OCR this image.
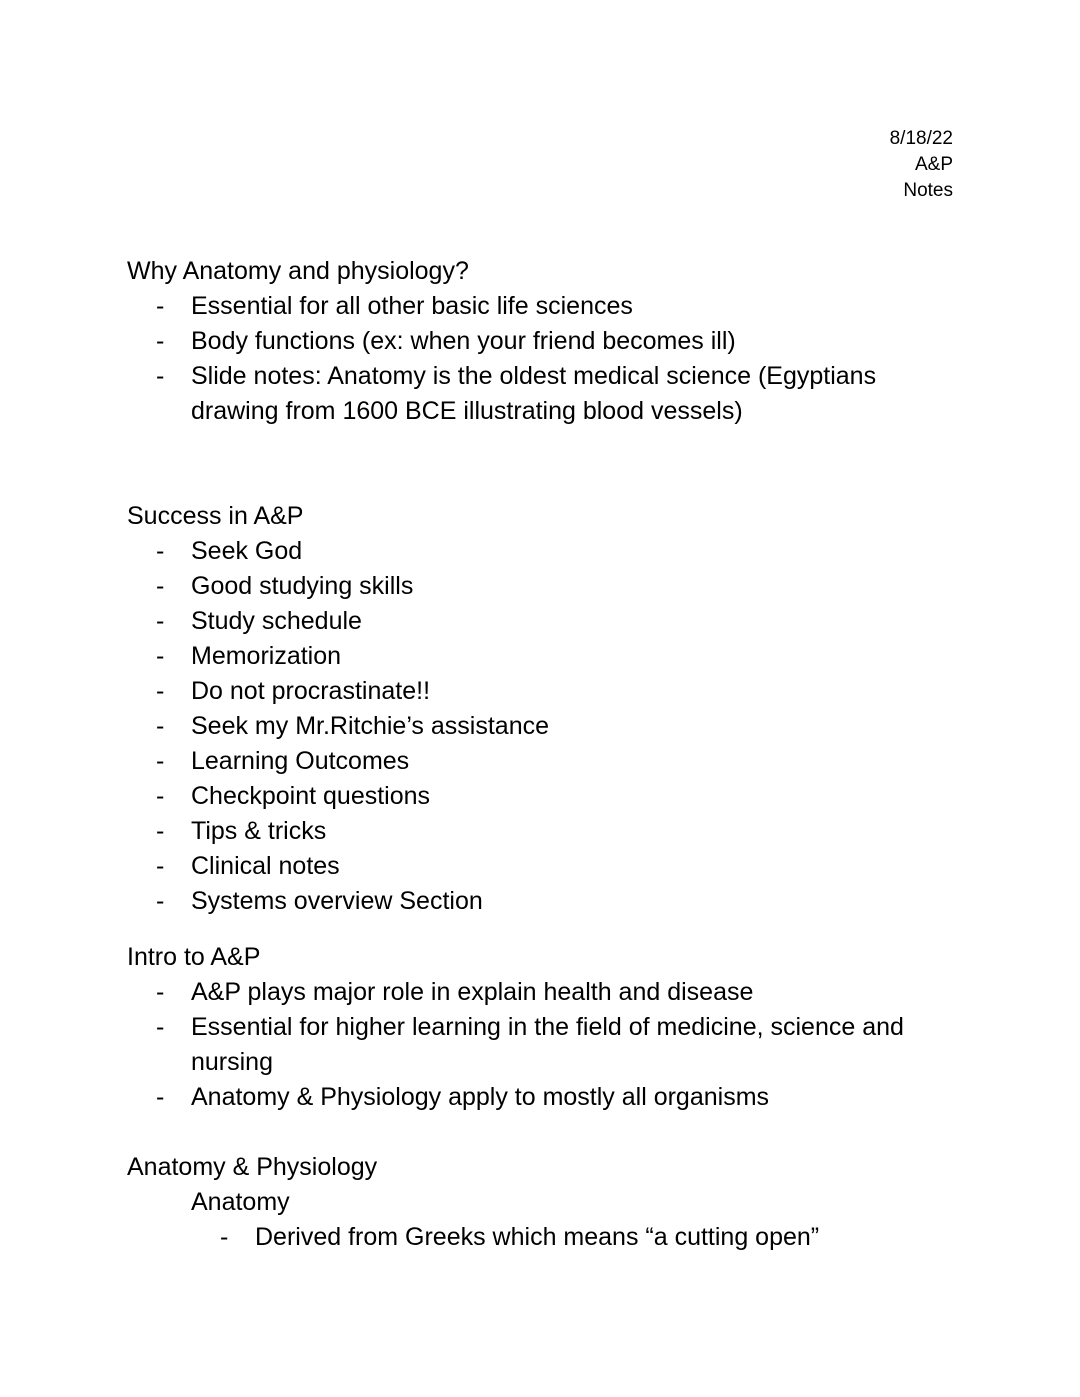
8/18/22
A&P
Notes

Why Anatomy and physiology?

- Essential for all other basic life sciences
- Body functions (ex: when your friend becomes ill)
- Slide notes: Anatomy is the oldest medical science (Egyptians drawing from 1600 BCE illustrating blood vessels)

Success in A&P

- Seek God
- Good studying skills
- Study schedule
- Memorization
- Do not procrastinate!!
- Seek my Mr.Ritchie’s assistance
- Learning Outcomes
- Checkpoint questions
- Tips & tricks
- Clinical notes
- Systems overview Section

Intro to A&P

- A&P plays major role in explain health and disease
- Essential for higher learning in the field of medicine, science and nursing
- Anatomy & Physiology apply to mostly all organisms

Anatomy & Physiology

Anatomy
- Derived from Greeks which means “a cutting open”
